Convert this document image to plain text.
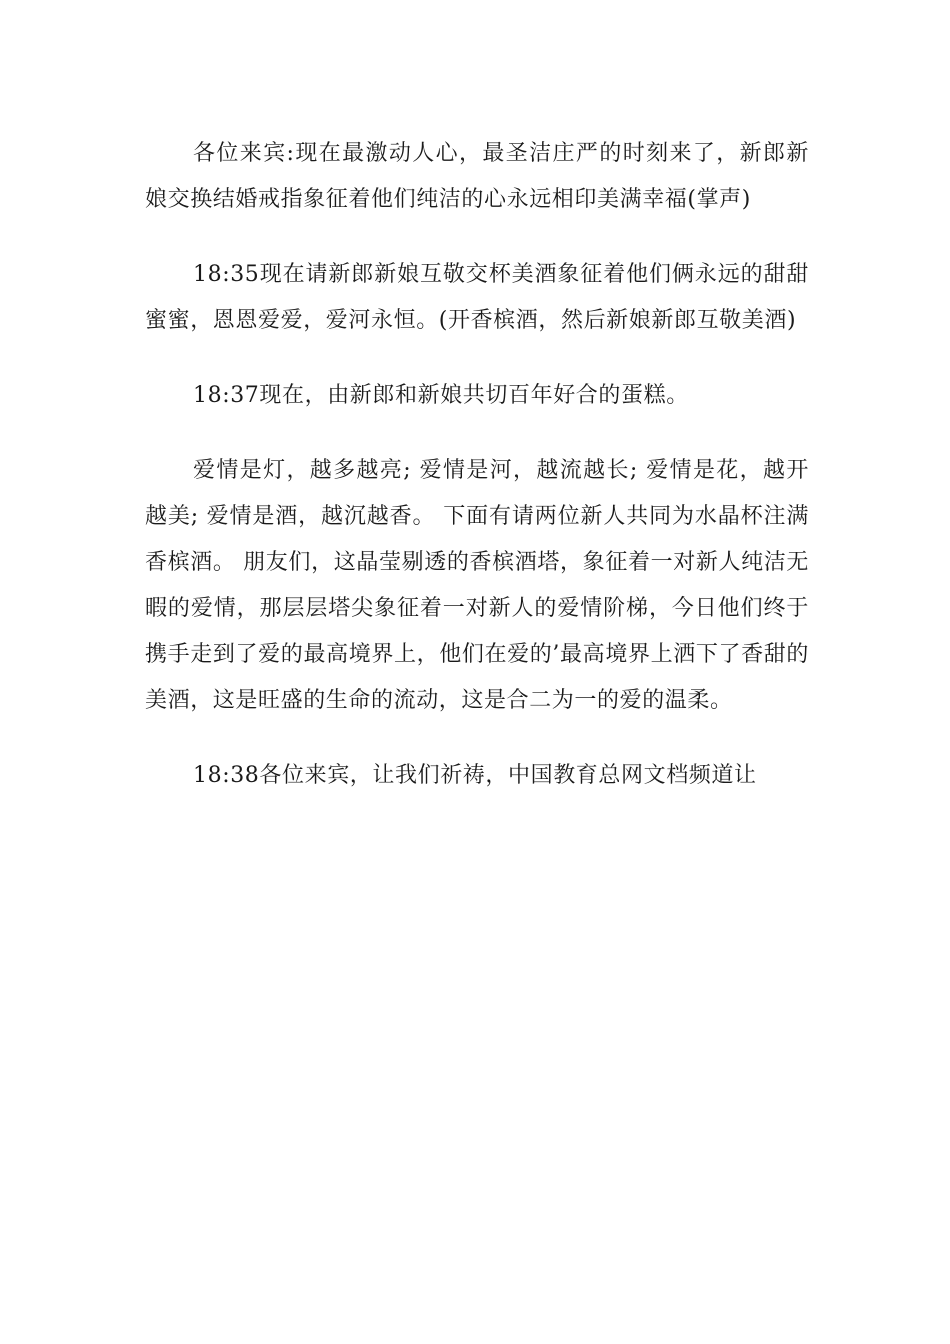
各位来宾:现在最激动人心，最圣洁庄严的时刻来了，新郎新娘交换结婚戒指象征着他们纯洁的心永远相印美满幸福(掌声)

18:35现在请新郎新娘互敬交杯美酒象征着他们俩永远的甜甜蜜蜜，恩恩爱爱，爱河永恒。(开香槟酒，然后新娘新郎互敬美酒)

18:37现在，由新郎和新娘共切百年好合的蛋糕。

爱情是灯，越多越亮; 爱情是河，越流越长; 爱情是花，越开越美; 爱情是酒，越沉越香。 下面有请两位新人共同为水晶杯注满香槟酒。 朋友们，这晶莹剔透的香槟酒塔，象征着一对新人纯洁无暇的爱情，那层层塔尖象征着一对新人的爱情阶梯，今日他们终于携手走到了爱的最高境界上，他们在爱的’最高境界上洒下了香甜的美酒，这是旺盛的生命的流动，这是合二为一的爱的温柔。

18:38各位来宾，让我们祈祷，中国教育总网文档频道让
